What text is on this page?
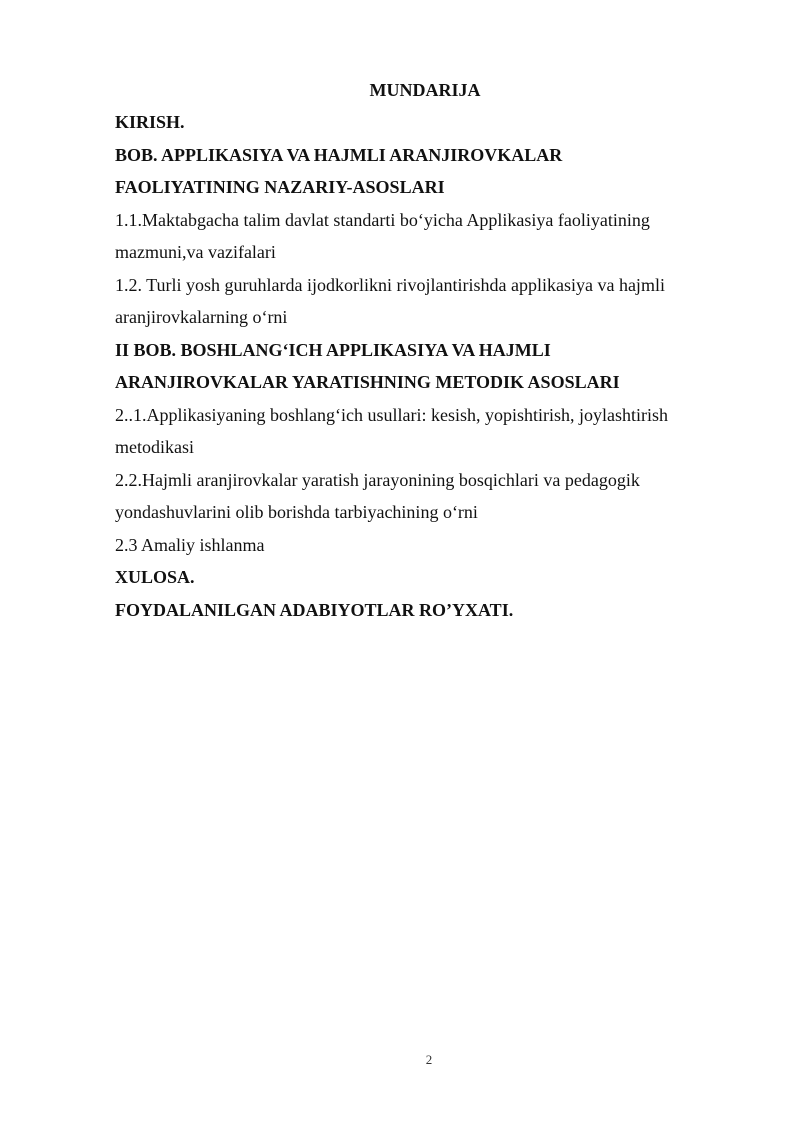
MUNDARIJA
KIRISH.
BOB. APPLIKASIYA VA HAJMLI ARANJIROVKALAR
FAOLIYATINING NAZARIY-ASOSLARI
1.1.Maktabgacha talim davlat standarti bo‘yicha Applikasiya faoliyatining
mazmuni,va vazifalari
1.2. Turli yosh guruhlarda ijodkorlikni rivojlantirishda applikasiya va hajmli
aranjirovkalarning o‘rni
II BOB. BOSHLANG‘ICH APPLIKASIYA VA HAJMLI
ARANJIROVKALAR YARATISHNING METODIK ASOSLARI
2..1.Applikasiyaning boshlang‘ich usullari: kesish, yopishtirish, joylashtirish
metodikasi
2.2.Hajmli aranjirovkalar yaratish jarayonining bosqichlari va pedagogik
yondashuvlarini olib borishda tarbiyachining o‘rni
2.3 Amaliy ishlanma
XULOSA.
FOYDALANILGAN ADABIYOTLAR RO’YXATI.
2
